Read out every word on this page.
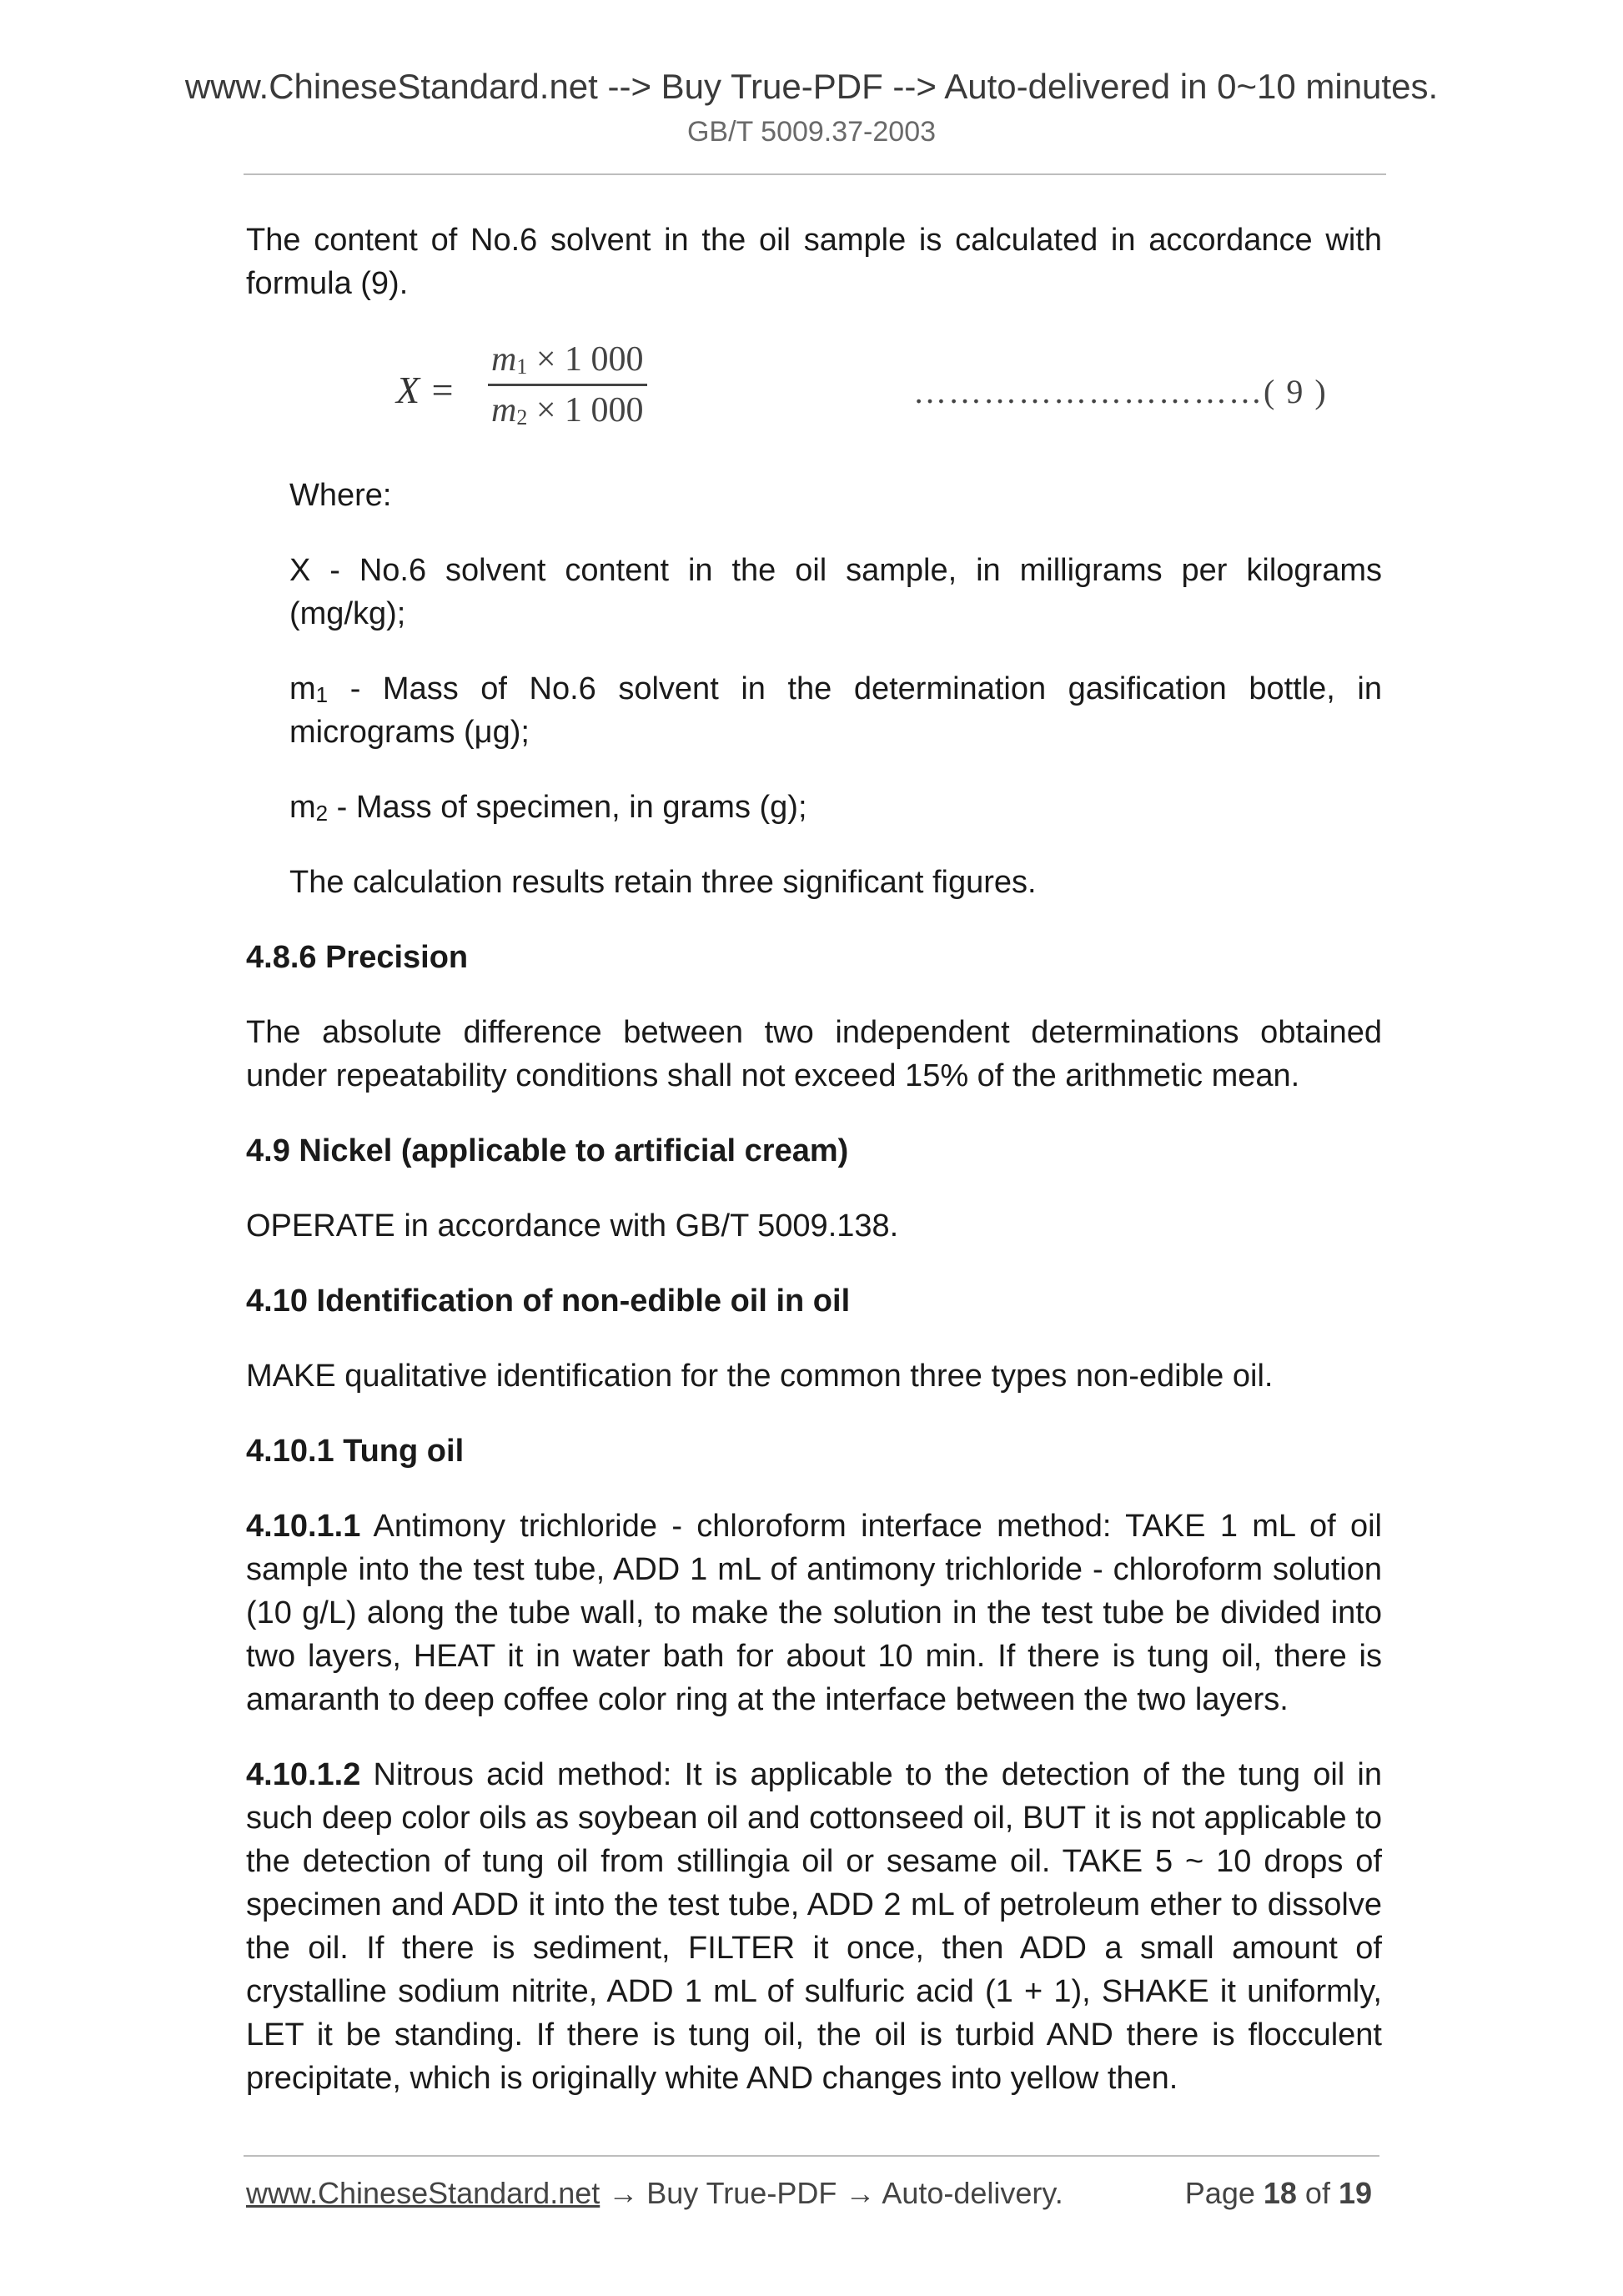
www.ChineseStandard.net --> Buy True-PDF --> Auto-delivered in 0~10 minutes.
GB/T 5009.37-2003

The content of No.6 solvent in the oil sample is calculated in accordance with formula (9).

X =
$m_1 \times 1$ 000
$m_2 \times 1$ 000	…………………………( 9 )

Where:

X - No.6 solvent content in the oil sample, in milligrams per kilograms (mg/kg);

$m_1$ - Mass of No.6 solvent in the determination gasification bottle, in micrograms (μg);

$m_2$ - Mass of specimen, in grams (g);

The calculation results retain three significant figures.

4.8.6 Precision

The absolute difference between two independent determinations obtained under repeatability conditions shall not exceed 15% of the arithmetic mean.

4.9 Nickel (applicable to artificial cream)

OPERATE in accordance with GB/T 5009.138.

4.10 Identification of non-edible oil in oil

MAKE qualitative identification for the common three types non-edible oil.

4.10.1 Tung oil

4.10.1.1 Antimony trichloride - chloroform interface method: TAKE 1 mL of oil sample into the test tube, ADD 1 mL of antimony trichloride - chloroform solution (10 g/L) along the tube wall, to make the solution in the test tube be divided into two layers, HEAT it in water bath for about 10 min. If there is tung oil, there is amaranth to deep coffee color ring at the interface between the two layers.

4.10.1.2 Nitrous acid method: It is applicable to the detection of the tung oil in such deep color oils as soybean oil and cottonseed oil, BUT it is not applicable to the detection of tung oil from stillingia oil or sesame oil. TAKE 5 ~ 10 drops of specimen and ADD it into the test tube, ADD 2 mL of petroleum ether to dissolve the oil. If there is sediment, FILTER it once, then ADD a small amount of crystalline sodium nitrite, ADD 1 mL of sulfuric acid (1 + 1), SHAKE it uniformly, LET it be standing. If there is tung oil, the oil is turbid AND there is flocculent precipitate, which is originally white AND changes into yellow then.

www.ChineseStandard.net → Buy True-PDF → Auto-delivery.	Page 18 of 19
